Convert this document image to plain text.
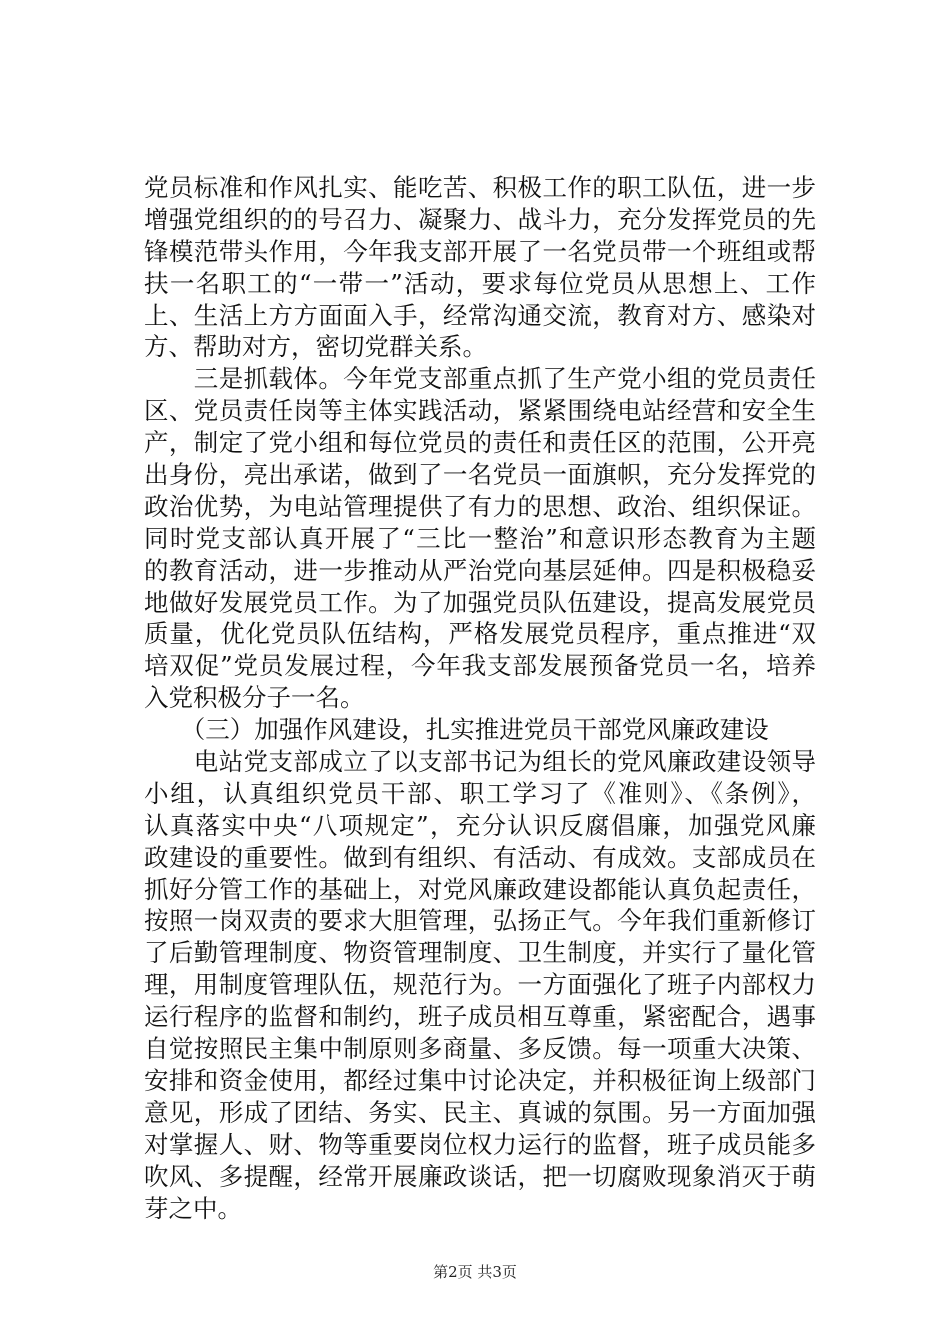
党员标准和作风扎实、能吃苦、积极工作的职工队伍，进一步
增强党组织的的号召力、凝聚力、战斗力，充分发挥党员的先
锋模范带头作用，今年我支部开展了一名党员带一个班组或帮
扶一名职工的“一带一”活动，要求每位党员从思想上、工作
上、生活上方方面面入手，经常沟通交流，教育对方、感染对
方、帮助对方，密切党群关系。
　　三是抓载体。今年党支部重点抓了生产党小组的党员责任
区、党员责任岗等主体实践活动，紧紧围绕电站经营和安全生
产，制定了党小组和每位党员的责任和责任区的范围，公开亮
出身份，亮出承诺，做到了一名党员一面旗帜，充分发挥党的
政治优势，为电站管理提供了有力的思想、政治、组织保证。
同时党支部认真开展了“三比一整治”和意识形态教育为主题
的教育活动，进一步推动从严治党向基层延伸。四是积极稳妥
地做好发展党员工作。为了加强党员队伍建设，提高发展党员
质量，优化党员队伍结构，严格发展党员程序，重点推进“双
培双促”党员发展过程，今年我支部发展预备党员一名，培养
入党积极分子一名。
　　（三）加强作风建设，扎实推进党员干部党风廉政建设
　　电站党支部成立了以支部书记为组长的党风廉政建设领导
小组，认真组织党员干部、职工学习了《准则》、《条例》，
认真落实中央“八项规定”，充分认识反腐倡廉，加强党风廉
政建设的重要性。做到有组织、有活动、有成效。支部成员在
抓好分管工作的基础上，对党风廉政建设都能认真负起责任，
按照一岗双责的要求大胆管理，弘扬正气。今年我们重新修订
了后勤管理制度、物资管理制度、卫生制度，并实行了量化管
理，用制度管理队伍，规范行为。一方面强化了班子内部权力
运行程序的监督和制约，班子成员相互尊重，紧密配合，遇事
自觉按照民主集中制原则多商量、多反馈。每一项重大决策、
安排和资金使用，都经过集中讨论决定，并积极征询上级部门
意见，形成了团结、务实、民主、真诚的氛围。另一方面加强
对掌握人、财、物等重要岗位权力运行的监督，班子成员能多
吹风、多提醒，经常开展廉政谈话，把一切腐败现象消灭于萌
芽之中。
第2页 共3页
